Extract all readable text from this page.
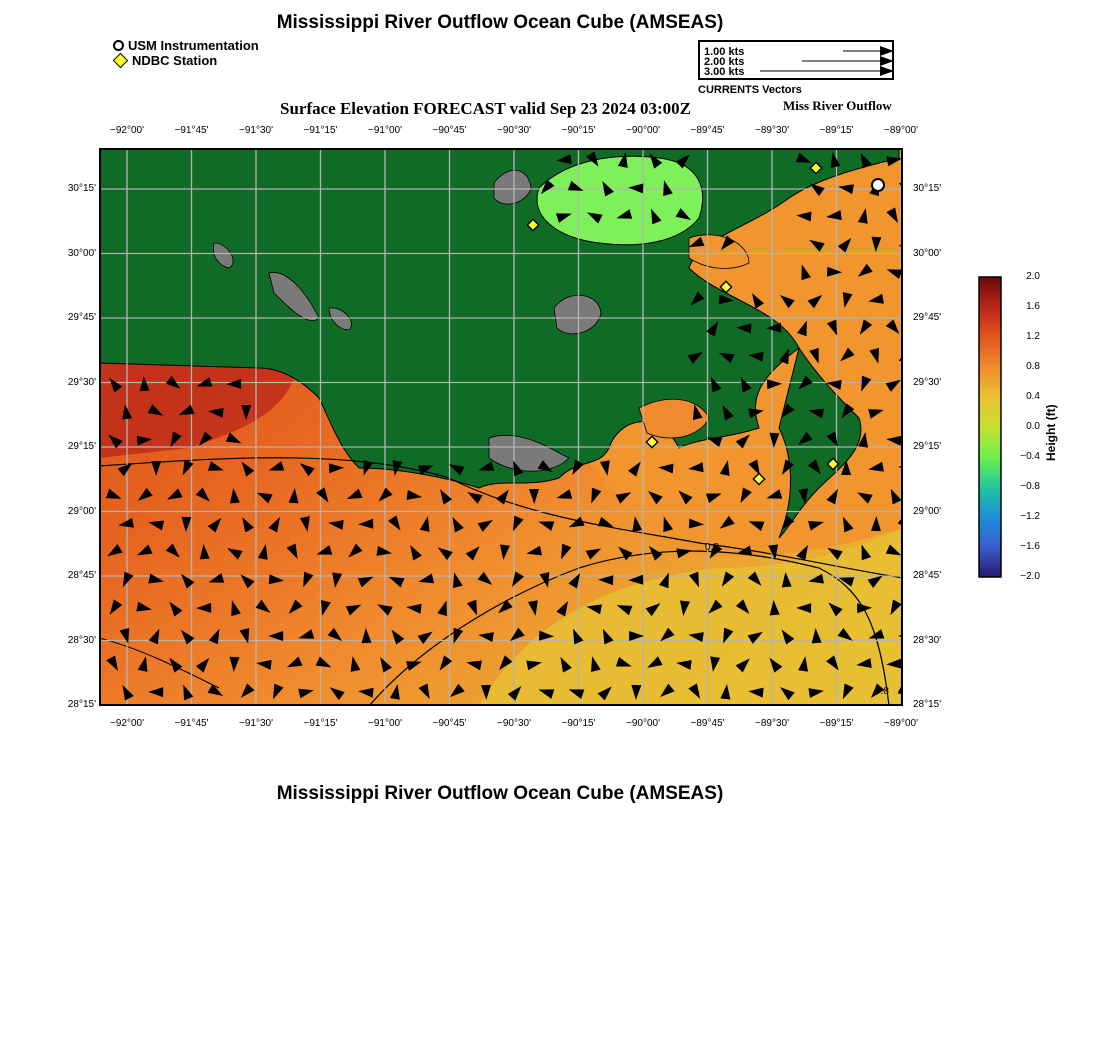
Mississippi River Outflow Ocean Cube (AMSEAS)
USM Instrumentation
NDBC Station
1.00 kts
2.00 kts
3.00 kts
CURRENTS Vectors
Surface Elevation FORECAST valid Sep 23 2024 03:00Z	Miss River Outflow
−92°00'	−91°45'	−91°30'	−91°15'	−91°00'	−90°45'	−90°30'	−90°15'	−90°00'	−89°45'	−89°30'	−89°15'	−89°00'
−92°00'	−91°45'	−91°30'	−91°15'	−91°00'	−90°45'	−90°30'	−90°15'	−90°00'	−89°45'	−89°30'	−89°15'	−89°00'
30°15'
30°00'
29°45'
29°30'
29°15'
29°00'
28°45'
28°30'
28°15'
30°15'
30°00'
29°45'
29°30'
29°15'
29°00'
28°45'
28°30'
28°15'
0.8
0.8
2.0
1.6
1.2
0.8
0.4
0.0
−0.4
−0.8
−1.2
−1.6
−2.0
Height (ft)
Mississippi River Outflow Ocean Cube (AMSEAS)
